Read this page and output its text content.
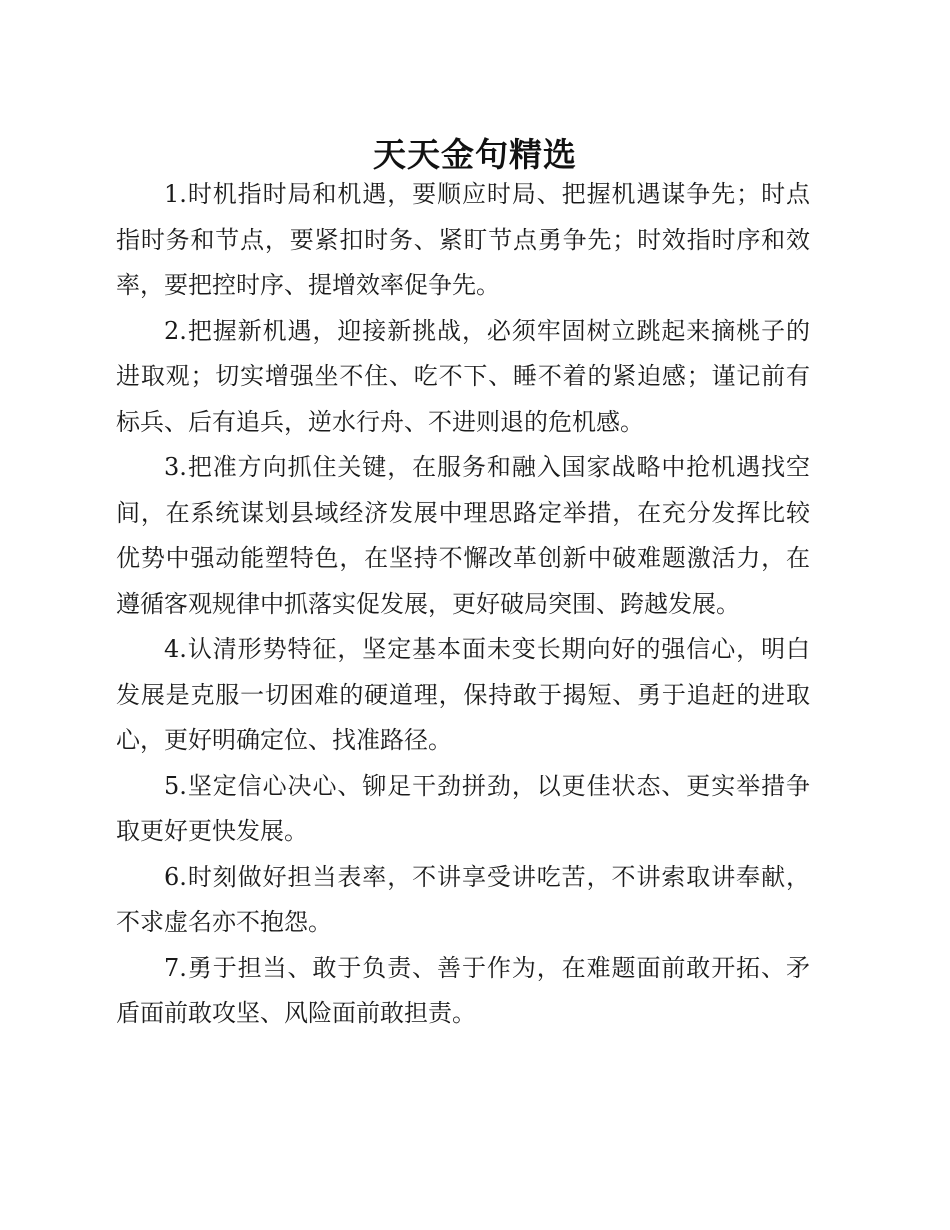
天天金句精选

1.时机指时局和机遇，要顺应时局、把握机遇谋争先；时点指时务和节点，要紧扣时务、紧盯节点勇争先；时效指时序和效率，要把控时序、提增效率促争先。

2.把握新机遇，迎接新挑战，必须牢固树立跳起来摘桃子的进取观；切实增强坐不住、吃不下、睡不着的紧迫感；谨记前有标兵、后有追兵，逆水行舟、不进则退的危机感。

3.把准方向抓住关键，在服务和融入国家战略中抢机遇找空间，在系统谋划县域经济发展中理思路定举措，在充分发挥比较优势中强动能塑特色，在坚持不懈改革创新中破难题激活力，在遵循客观规律中抓落实促发展，更好破局突围、跨越发展。

4.认清形势特征，坚定基本面未变长期向好的强信心，明白发展是克服一切困难的硬道理，保持敢于揭短、勇于追赶的进取心，更好明确定位、找准路径。

5.坚定信心决心、铆足干劲拼劲，以更佳状态、更实举措争取更好更快发展。

6.时刻做好担当表率，不讲享受讲吃苦，不讲索取讲奉献，不求虚名亦不抱怨。

7.勇于担当、敢于负责、善于作为，在难题面前敢开拓、矛盾面前敢攻坚、风险面前敢担责。
